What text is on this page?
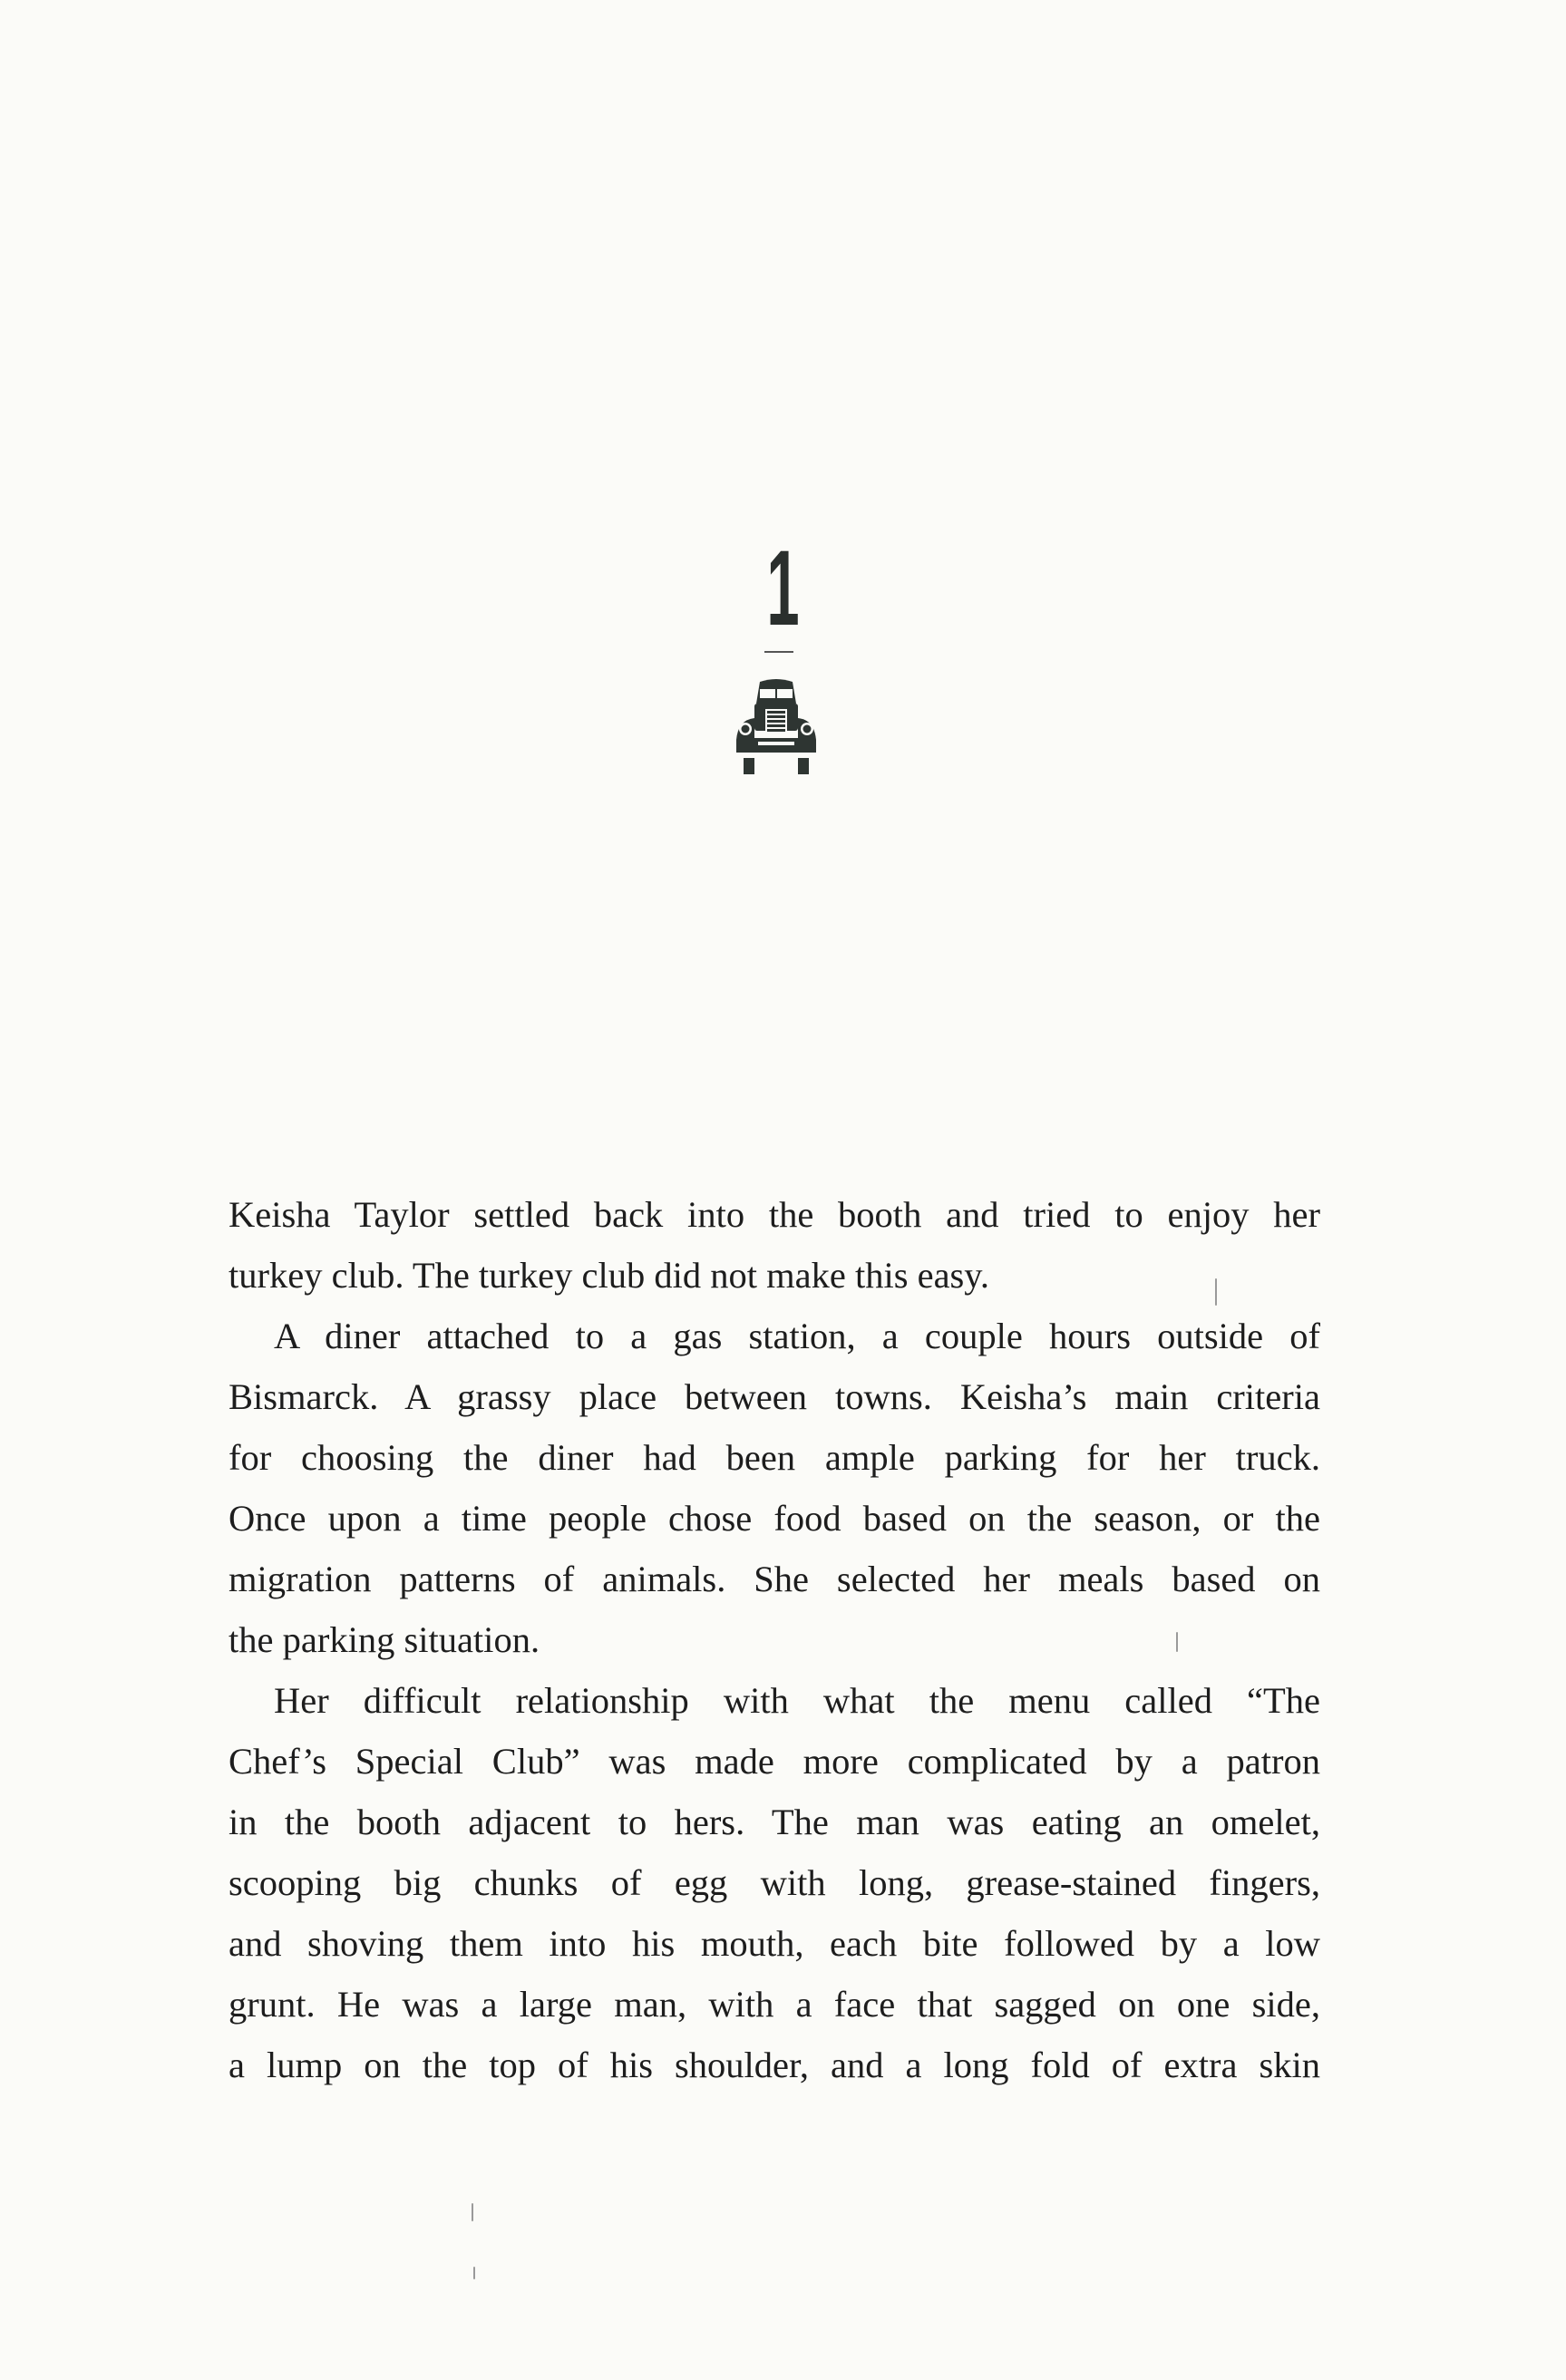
1

Keisha Taylor settled back into the booth and tried to enjoy her
turkey club. The turkey club did not make this easy.

A diner attached to a gas station, a couple hours outside of
Bismarck. A grassy place between towns. Keisha’s main criteria
for choosing the diner had been ample parking for her truck.
Once upon a time people chose food based on the season, or the
migration patterns of animals. She selected her meals based on
the parking situation.

Her difficult relationship with what the menu called “The
Chef’s Special Club” was made more complicated by a patron
in the booth adjacent to hers. The man was eating an omelet,
scooping big chunks of egg with long, grease-stained fingers,
and shoving them into his mouth, each bite followed by a low
grunt. He was a large man, with a face that sagged on one side,
a lump on the top of his shoulder, and a long fold of extra skin
